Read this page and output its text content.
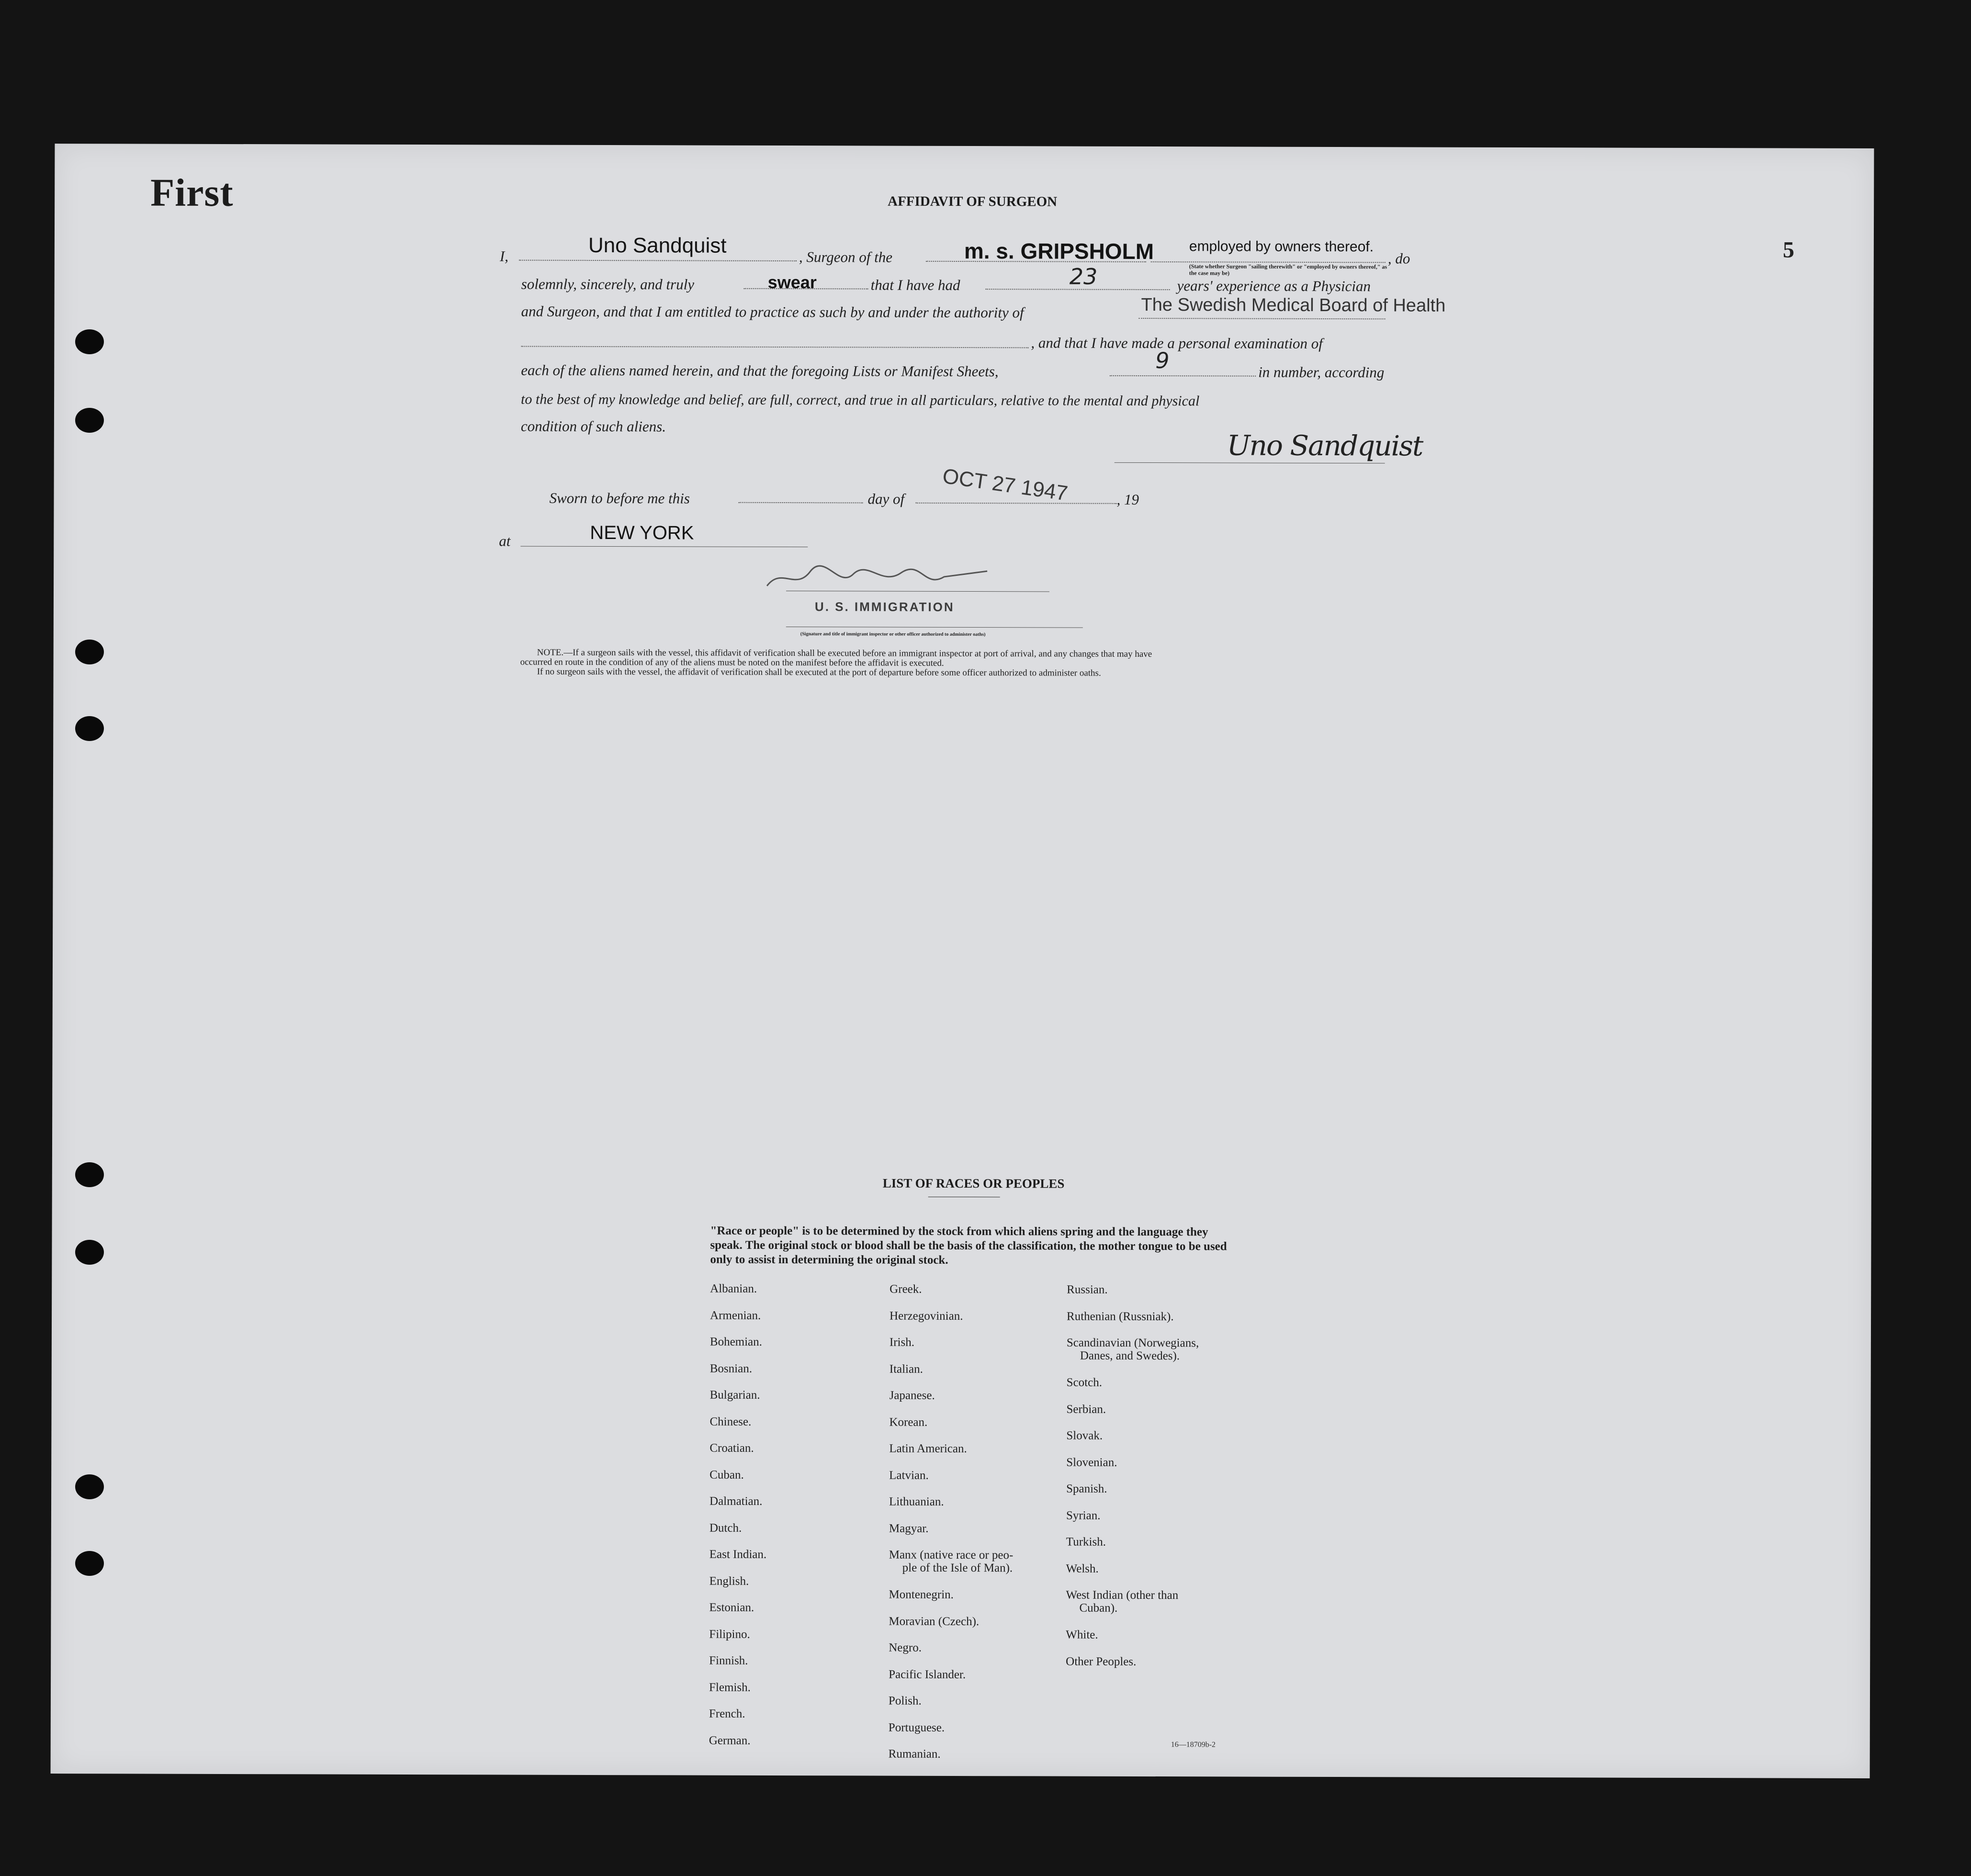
First
5
AFFIDAVIT OF SURGEON
I,	Uno Sandquist	, Surgeon of the	m. s. GRIPSHOLM employed by owners thereof.
, do
(State whether Surgeon "sailing therewith" or "employed by owners thereof," as the case may be)
solemnly, sincerely, and truly	swear	that I have had	23	years' experience as a Physician
and Surgeon, and that I am entitled to practice as such by and under the authority of	The Swedish Medical Board of Health
, and that I have made a personal examination of
each of the aliens named herein, and that the foregoing Lists or Manifest Sheets,	9	in number, according
to the best of my knowledge and belief, are full, correct, and true in all particulars, relative to the mental and physical
condition of such aliens.
Uno Sandquist
Sworn to before me this	day of OCT 27 1947	, 19
at	NEW YORK
U. S. IMMIGRATION
(Signature and title of immigrant inspector or other officer authorized to administer oaths)
NOTE.—If a surgeon sails with the vessel, this affidavit of verification shall be executed before an immigrant inspector at port of arrival, and any changes that may have
occurred en route in the condition of any of the aliens must be noted on the manifest before the affidavit is executed.
If no surgeon sails with the vessel, the affidavit of verification shall be executed at the port of departure before some officer authorized to administer oaths.
LIST OF RACES OR PEOPLES
"Race or people" is to be determined by the stock from which aliens spring and the language they speak. The original stock or blood shall be the basis of the classification, the mother tongue to be used only to assist in determining the original stock.
Albanian.
Armenian.
Bohemian.
Bosnian.
Bulgarian.
Chinese.
Croatian.
Cuban.
Dalmatian.
Dutch.
East Indian.
English.
Estonian.
Filipino.
Finnish.
Flemish.
French.
German.
Greek.
Herzegovinian.
Irish.
Italian.
Japanese.
Korean.
Latin American.
Latvian.
Lithuanian.
Magyar.
Manx (native race or peo-
ple of the Isle of Man).
Montenegrin.
Moravian (Czech).
Negro.
Pacific Islander.
Polish.
Portuguese.
Rumanian.
Russian.
Ruthenian (Russniak).
Scandinavian (Norwegians,
Danes, and Swedes).
Scotch.
Serbian.
Slovak.
Slovenian.
Spanish.
Syrian.
Turkish.
Welsh.
West Indian (other than
Cuban).
White.
Other Peoples.
16—18709b-2
